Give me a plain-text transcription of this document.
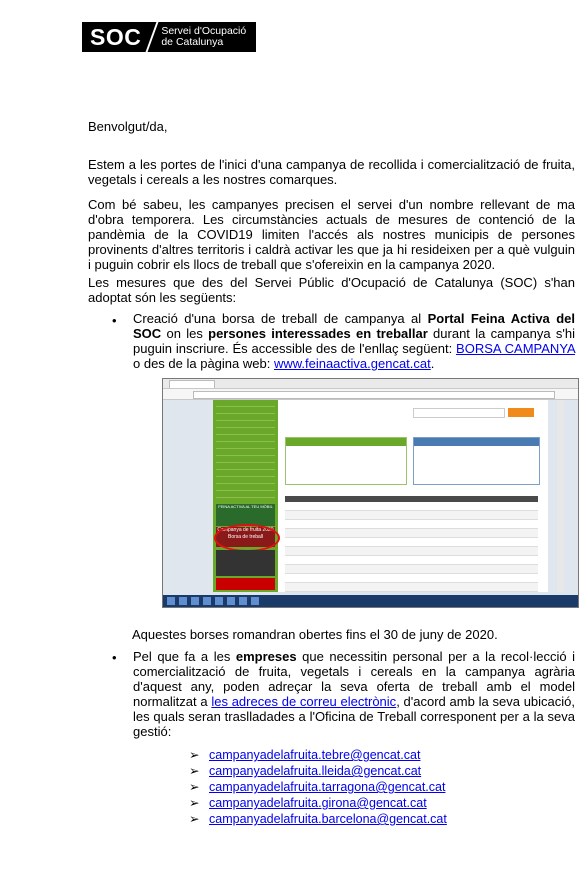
SOC	Servei d'Ocupació
de Catalunya
Benvolgut/da,
Estem a les portes de l'inici d'una campanya de recollida i comercialització de fruita, vegetals i cereals a les nostres comarques.
Com bé sabeu, les campanyes precisen el servei d'un nombre rellevant de ma d'obra temporera. Les circumstàncies actuals de mesures de contenció de la pandèmia de la COVID19 limiten l'accés als nostres municipis de persones provinents d'altres territoris i caldrà activar les que ja hi resideixen per a què vulguin i puguin cobrir els llocs de treball que s'ofereixin en la campanya 2020.
Les mesures que des del Servei Públic d'Ocupació de Catalunya (SOC) s'han adoptat són les següents:
• Creació d'una borsa de treball de campanya al Portal Feina Activa del SOC on les persones interessades en treballar durant la campanya s'hi puguin inscriure. És accessible des de l'enllaç següent: BORSA CAMPANYA o des de la pàgina web: www.feinaactiva.gencat.cat.
FEINA ACTIVA AL TEU MÒBIL
Campanya de fruita 2020
Borsa de treball
Aquestes borses romandran obertes fins el 30 de juny de 2020.
• Pel que fa a les empreses que necessitin personal per a la recol·lecció i comercialització de fruita, vegetals i cereals en la campanya agrària d'aquest any, poden adreçar la seva oferta de treball amb el model normalitzat a les adreces de correu electrònic, d'acord amb la seva ubicació, les quals seran traslladades a l'Oficina de Treball corresponent per a la seva gestió:
➢ campanyadelafruita.tebre@gencat.cat
➢ campanyadelafruita.lleida@gencat.cat
➢ campanyadelafruita.tarragona@gencat.cat
➢ campanyadelafruita.girona@gencat.cat
➢ campanyadelafruita.barcelona@gencat.cat
